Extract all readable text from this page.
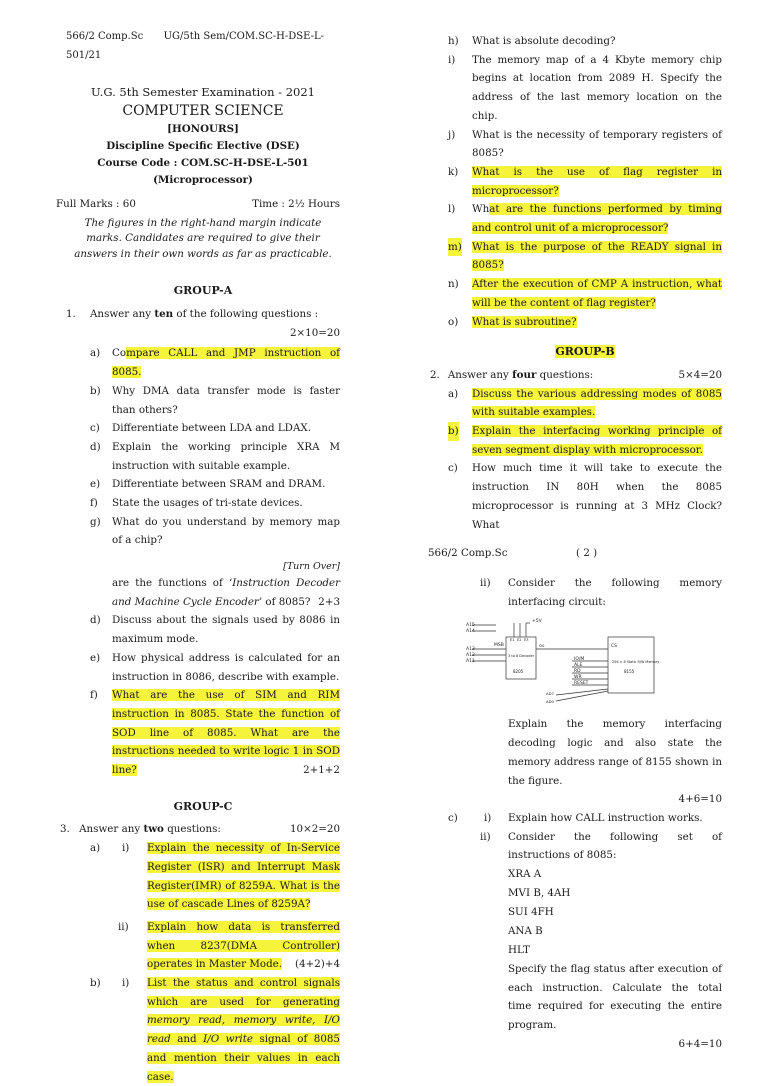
566/2 Comp.Sc UG/5th Sem/COM.SC-H-DSE-L-501/21
U.G. 5th Semester Examination - 2021
COMPUTER SCIENCE
[HONOURS]
Discipline Specific Elective (DSE)
Course Code : COM.SC-H-DSE-L-501
(Microprocessor)
Full Marks : 60	Time : 2½ Hours
The figures in the right-hand margin indicate marks. Candidates are required to give their answers in their own words as far as practicable.
GROUP-A
1. Answer any ten of the following questions :
2×10=20
a) Compare CALL and JMP instruction of 8085.
b) Why DMA data transfer mode is faster than others?
c) Differentiate between LDA and LDAX.
d) Explain the working principle XRA M instruction with suitable example.
e) Differentiate between SRAM and DRAM.
f) State the usages of tri-state devices.
g) What do you understand by memory map of a chip?
[Turn Over]
h) What is absolute decoding?
i) The memory map of a 4 Kbyte memory chip begins at location from 2089 H. Specify the address of the last memory location on the chip.
j) What is the necessity of temporary registers of 8085?
k) What is the use of flag register in microprocessor?
l) What are the functions performed by timing and control unit of a microprocessor?
m) What is the purpose of the READY signal in 8085?
n) After the execution of CMP A instruction, what will be the content of flag register?
o) What is subroutine?
GROUP-B
2. Answer any four questions:	5×4=20
a) Discuss the various addressing modes of 8085 with suitable examples.
b) Explain the interfacing working principle of seven segment display with microprocessor.
c) How much time it will take to execute the instruction IN 80H when the 8085 microprocessor is running at 3 MHz Clock? What
566/2 Comp.Sc	( 2 )
are the functions of ‘Instruction Decoder and Machine Cycle Encoder’ of 8085? 2+3
d) Discuss about the signals used by 8086 in maximum mode.
e) How physical address is calculated for an instruction in 8086, describe with example.
f) What are the use of SIM and RIM instruction in 8085. State the function of SOD line of 8085. What are the instructions needed to write logic 1 in SOD line?	2+1+2
GROUP-C
3. Answer any two questions:	10×2=20
a) i) Explain the necessity of In-Service Register (ISR) and Interrupt Mask Register(IMR) of 8259A. What is the use of cascade Lines of 8259A?
ii) Explain how data is transferred when 8237(DMA Controller) operates in Master Mode. (4+2)+4
b) i) List the status and control signals which are used for generating memory read, memory write, I/O read and I/O write signal of 8085 and mention their values in each case.
ii) Consider the following memory interfacing circuit:
A15
A14
A13
A12
A11
MSB
+5V
E1 E2 E3
3 to 8 Decoder
8205
O0	CS
IO/M
ALE
RD
WR
RESET
256 × 8 Static R/W Memory
8155
AD7
AD0
Explain the memory interfacing decoding logic and also state the memory address range of 8155 shown in the figure.
4+6=10
c)	i) Explain how CALL instruction works.
ii) Consider the following set of instructions of 8085:
XRA A
MVI B, 4AH
SUI 4FH
ANA B
HLT
Specify the flag status after execution of each instruction. Calculate the total time required for executing the entire program.
6+4=10
